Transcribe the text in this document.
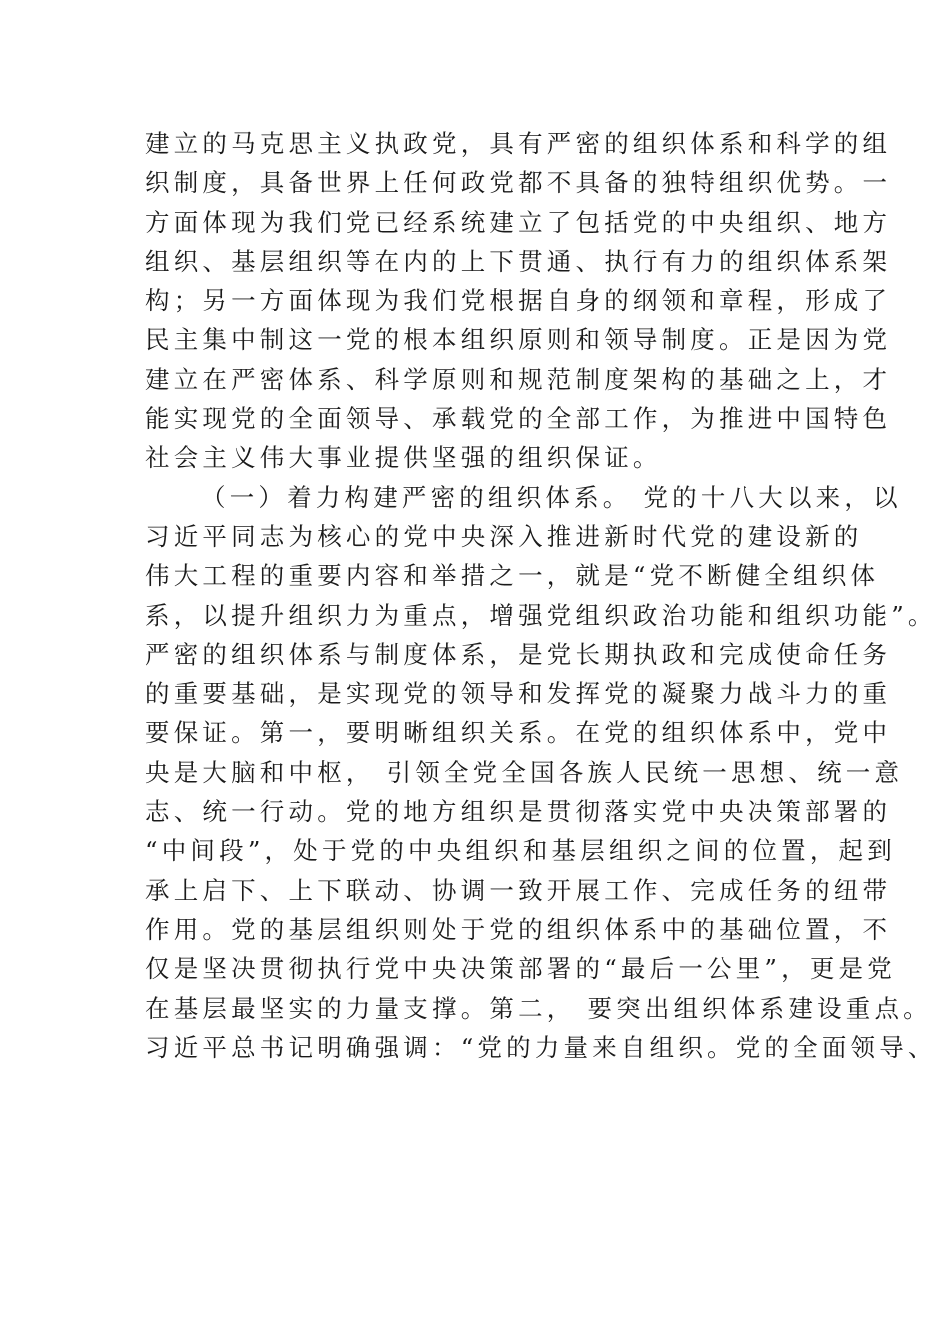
建立的马克思主义执政党，具有严密的组织体系和科学的组
织制度，具备世界上任何政党都不具备的独特组织优势。一
方面体现为我们党已经系统建立了包括党的中央组织、地方
组织、基层组织等在内的上下贯通、执行有力的组织体系架
构；另一方面体现为我们党根据自身的纲领和章程，形成了
民主集中制这一党的根本组织原则和领导制度。正是因为党
建立在严密体系、科学原则和规范制度架构的基础之上，才
能实现党的全面领导、承载党的全部工作，为推进中国特色
社会主义伟大事业提供坚强的组织保证。
（一）着力构建严密的组织体系。 党的十八大以来，以
习近平同志为核心的党中央深入推进新时代党的建设新的
伟大工程的重要内容和举措之一，就是“党不断健全组织体
系，以提升组织力为重点，增强党组织政治功能和组织功能”。
严密的组织体系与制度体系，是党长期执政和完成使命任务
的重要基础，是实现党的领导和发挥党的凝聚力战斗力的重
要保证。第一，要明晰组织关系。在党的组织体系中，党中
央是大脑和中枢， 引领全党全国各族人民统一思想、统一意
志、统一行动。党的地方组织是贯彻落实党中央决策部署的
“中间段”，处于党的中央组织和基层组织之间的位置，起到
承上启下、上下联动、协调一致开展工作、完成任务的纽带
作用。党的基层组织则处于党的组织体系中的基础位置，不
仅是坚决贯彻执行党中央决策部署的“最后一公里”，更是党
在基层最坚实的力量支撑。第二， 要突出组织体系建设重点。
习近平总书记明确强调：“党的力量来自组织。党的全面领导、
